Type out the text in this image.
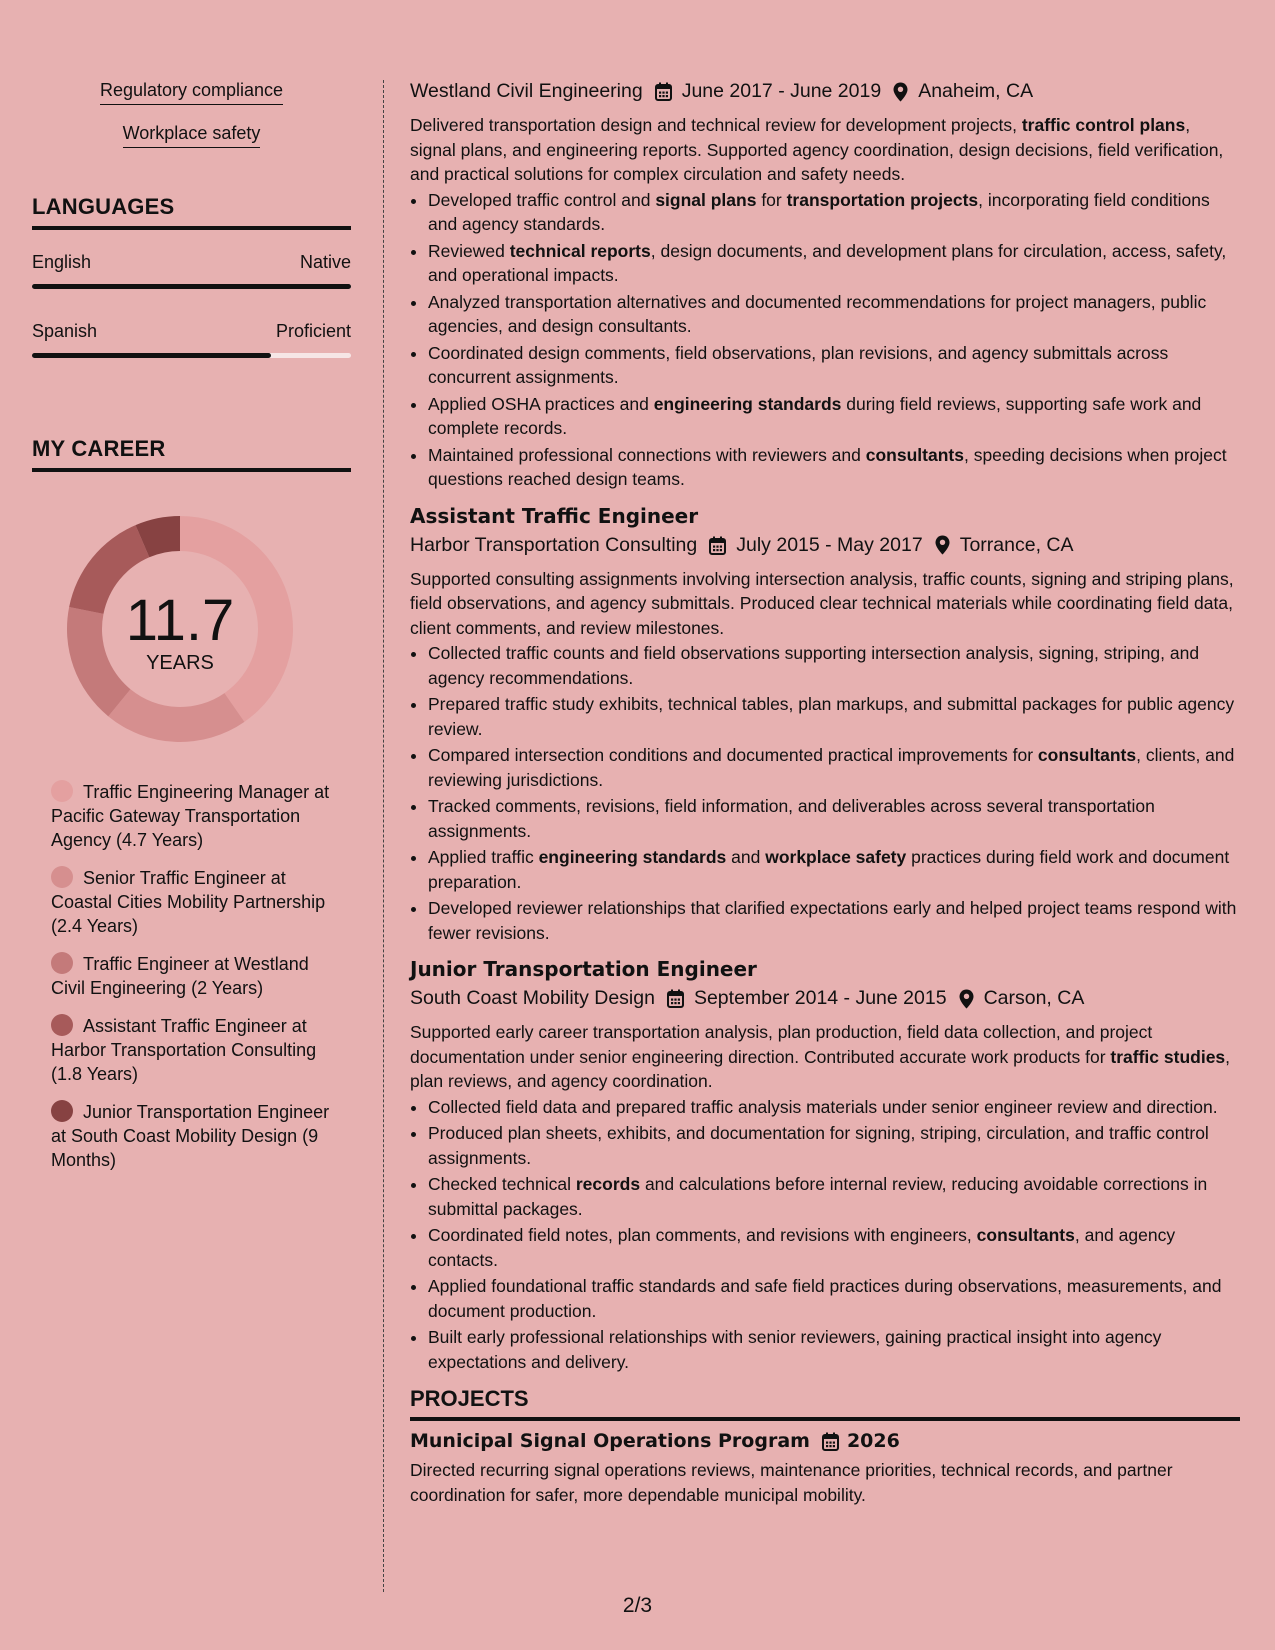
Regulatory compliance
Workplace safety
LANGUAGES
English	Native
Spanish	Proficient
MY CAREER
11.7
YEARS
Traffic Engineering Manager at Pacific Gateway Transportation Agency (4.7 Years)
Senior Traffic Engineer at Coastal Cities Mobility Partnership (2.4 Years)
Traffic Engineer at Westland Civil Engineering (2 Years)
Assistant Traffic Engineer at Harbor Transportation Consulting (1.8 Years)
Junior Transportation Engineer at South Coast Mobility Design (9 Months)
Westland Civil Engineering June 2017 - June 2019 Anaheim, CA

Delivered transportation design and technical review for development projects, traffic control plans, signal plans, and engineering reports. Supported agency coordination, design decisions, field verification, and practical solutions for complex circulation and safety needs.

• Developed traffic control and signal plans for transportation projects, incorporating field conditions and agency standards.
• Reviewed technical reports, design documents, and development plans for circulation, access, safety, and operational impacts.
• Analyzed transportation alternatives and documented recommendations for project managers, public agencies, and design consultants.
• Coordinated design comments, field observations, plan revisions, and agency submittals across concurrent assignments.
• Applied OSHA practices and engineering standards during field reviews, supporting safe work and complete records.
• Maintained professional connections with reviewers and consultants, speeding decisions when project questions reached design teams.
Assistant Traffic Engineer
Harbor Transportation Consulting July 2015 - May 2017 Torrance, CA

Supported consulting assignments involving intersection analysis, traffic counts, signing and striping plans, field observations, and agency submittals. Produced clear technical materials while coordinating field data, client comments, and review milestones.

• Collected traffic counts and field observations supporting intersection analysis, signing, striping, and agency recommendations.
• Prepared traffic study exhibits, technical tables, plan markups, and submittal packages for public agency review.
• Compared intersection conditions and documented practical improvements for consultants, clients, and reviewing jurisdictions.
• Tracked comments, revisions, field information, and deliverables across several transportation assignments.
• Applied traffic engineering standards and workplace safety practices during field work and document preparation.
• Developed reviewer relationships that clarified expectations early and helped project teams respond with fewer revisions.
Junior Transportation Engineer
South Coast Mobility Design September 2014 - June 2015 Carson, CA

Supported early career transportation analysis, plan production, field data collection, and project documentation under senior engineering direction. Contributed accurate work products for traffic studies, plan reviews, and agency coordination.

• Collected field data and prepared traffic analysis materials under senior engineer review and direction.
• Produced plan sheets, exhibits, and documentation for signing, striping, circulation, and traffic control assignments.
• Checked technical records and calculations before internal review, reducing avoidable corrections in submittal packages.
• Coordinated field notes, plan comments, and revisions with engineers, consultants, and agency contacts.
• Applied foundational traffic standards and safe field practices during observations, measurements, and document production.
• Built early professional relationships with senior reviewers, gaining practical insight into agency expectations and delivery.
PROJECTS
Municipal Signal Operations Program 2026

Directed recurring signal operations reviews, maintenance priorities, technical records, and partner coordination for safer, more dependable municipal mobility.

2/3
